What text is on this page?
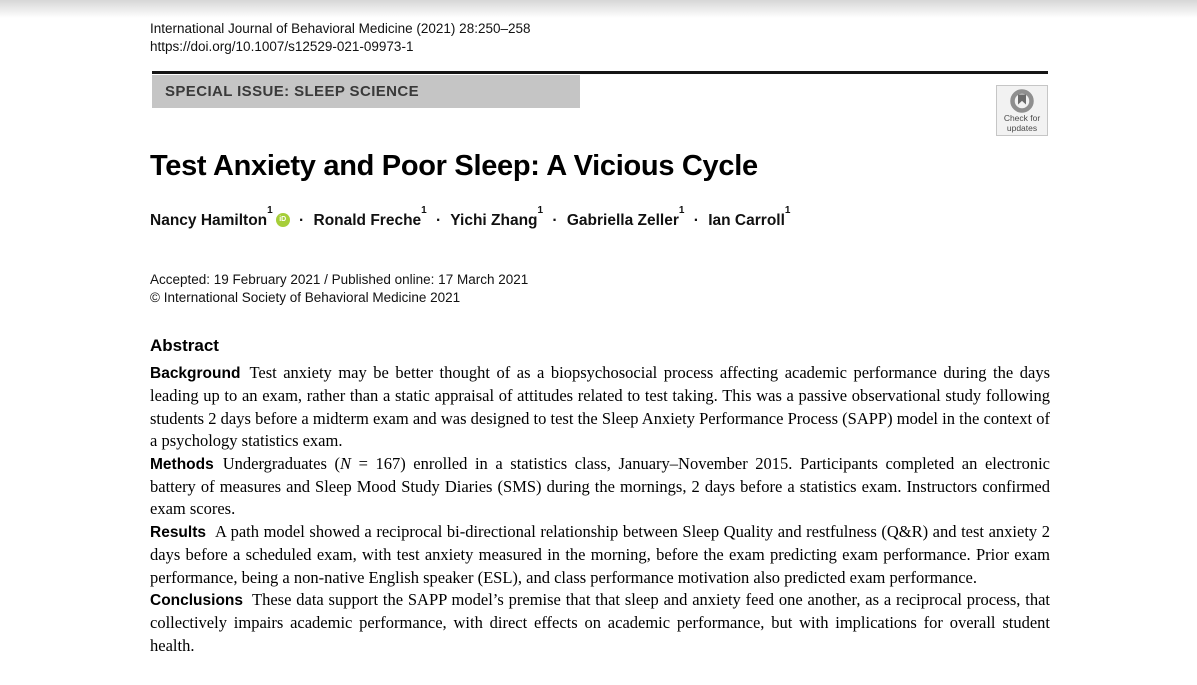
International Journal of Behavioral Medicine (2021) 28:250–258
https://doi.org/10.1007/s12529-021-09973-1
SPECIAL ISSUE: SLEEP SCIENCE
Check for
updates
Test Anxiety and Poor Sleep: A Vicious Cycle
Nancy Hamilton$^1$iD · Ronald Freche$^1$ · Yichi Zhang$^1$ · Gabriella Zeller$^1$ · Ian Carroll$^1$
Accepted: 19 February 2021 / Published online: 17 March 2021
© International Society of Behavioral Medicine 2021
Abstract

Background Test anxiety may be better thought of as a biopsychosocial process affecting academic performance during the days leading up to an exam, rather than a static appraisal of attitudes related to test taking. This was a passive observational study following students 2 days before a midterm exam and was designed to test the Sleep Anxiety Performance Process (SAPP) model in the context of a psychology statistics exam.

Methods Undergraduates (N = 167) enrolled in a statistics class, January–November 2015. Participants completed an electronic battery of measures and Sleep Mood Study Diaries (SMS) during the mornings, 2 days before a statistics exam. Instructors confirmed exam scores.

Results A path model showed a reciprocal bi-directional relationship between Sleep Quality and restfulness (Q&R) and test anxiety 2 days before a scheduled exam, with test anxiety measured in the morning, before the exam predicting exam performance. Prior exam performance, being a non-native English speaker (ESL), and class performance motivation also predicted exam performance.

Conclusions These data support the SAPP model’s premise that that sleep and anxiety feed one another, as a reciprocal process, that collectively impairs academic performance, with direct effects on academic performance, but with implications for overall student health.
